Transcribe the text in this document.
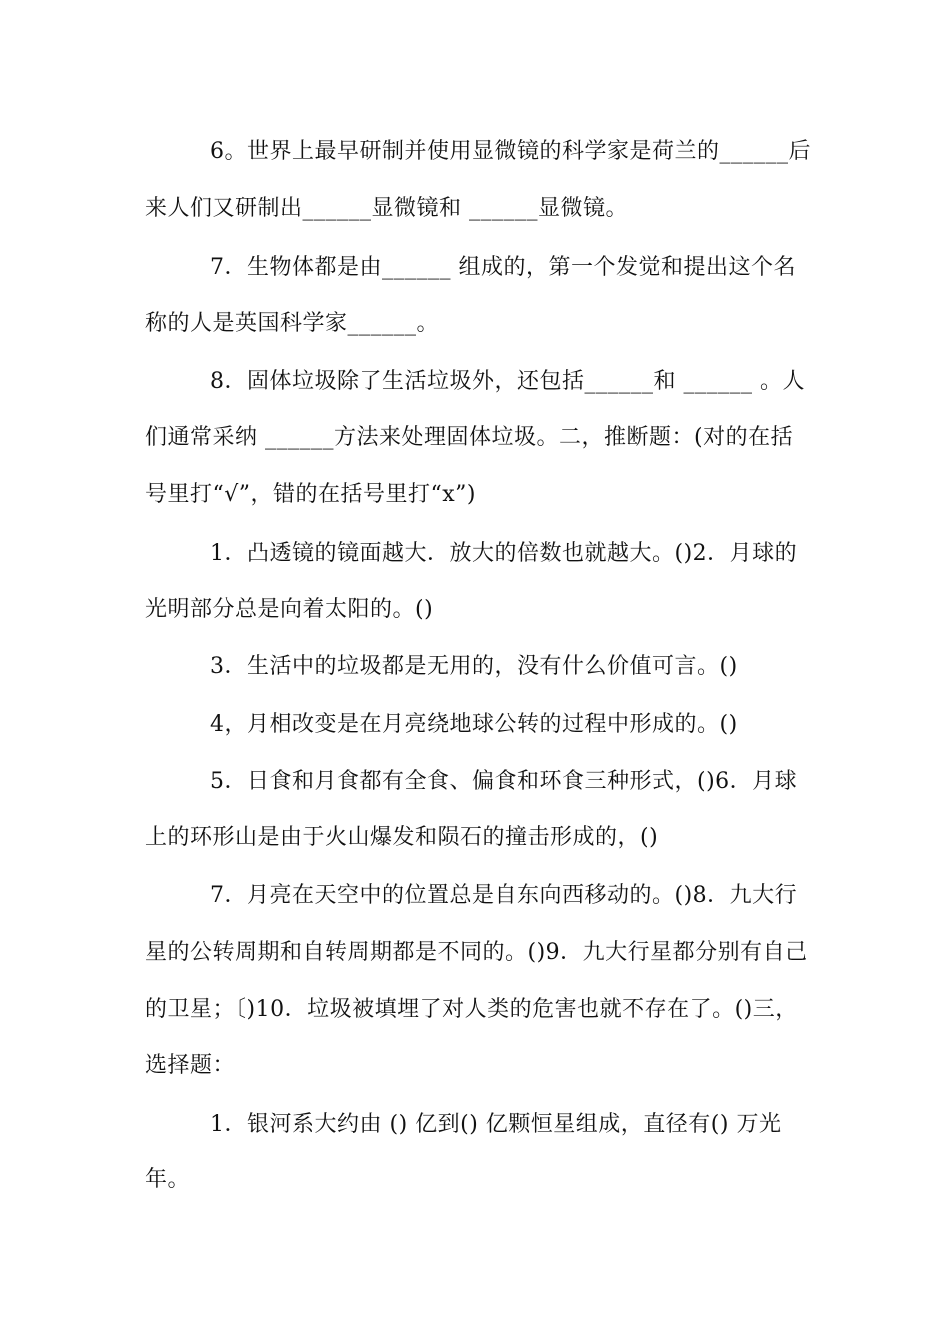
6。世界上最早研制并使用显微镜的科学家是荷兰的______后
来人们又研制出______显微镜和 ______显微镜。
7．生物体都是由______ 组成的，第一个发觉和提出这个名
称的人是英国科学家______。
8．固体垃圾除了生活垃圾外，还包括______和 ______ 。人
们通常采纳 ______方法来处理固体垃圾。二，推断题：(对的在括
号里打“√”，错的在括号里打“x”)
1．凸透镜的镜面越大．放大的倍数也就越大。()2．月球的
光明部分总是向着太阳的。()
3．生活中的垃圾都是无用的，没有什么价值可言。()
4，月相改变是在月亮绕地球公转的过程中形成的。()
5．日食和月食都有全食、偏食和环食三种形式，()6．月球
上的环形山是由于火山爆发和陨石的撞击形成的，()
7．月亮在天空中的位置总是自东向西移动的。()8．九大行
星的公转周期和自转周期都是不同的。()9．九大行星都分别有自己
的卫星；〔)10．垃圾被填埋了对人类的危害也就不存在了。()三，
选择题：
1．银河系大约由 () 亿到() 亿颗恒星组成，直径有() 万光
年。
